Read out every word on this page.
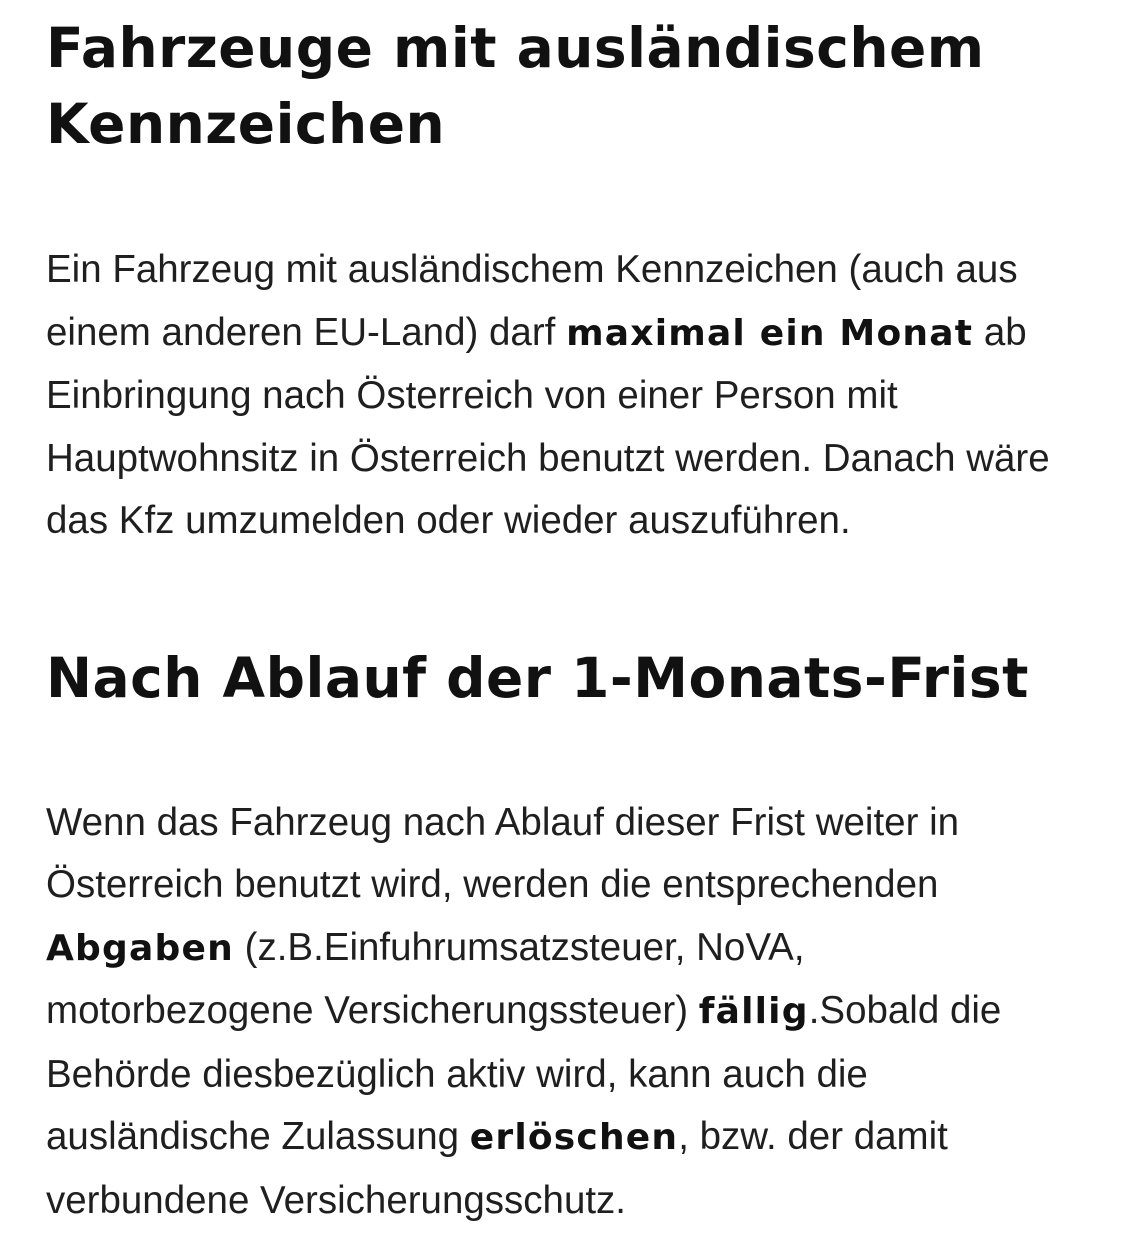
Fahrzeuge mit ausländischem Kennzeichen

Ein Fahrzeug mit ausländischem Kennzeichen (auch aus einem anderen EU-Land) darf maximal ein Monat ab Einbringung nach Österreich von einer Person mit Hauptwohnsitz in Österreich benutzt werden. Danach wäre das Kfz umzumelden oder wieder auszuführen.

Nach Ablauf der 1-Monats-Frist

Wenn das Fahrzeug nach Ablauf dieser Frist weiter in Österreich benutzt wird, werden die entsprechenden Abgaben (z.B.Einfuhrumsatzsteuer, NoVA, motorbezogene Versicherungssteuer) fällig.Sobald die Behörde diesbezüglich aktiv wird, kann auch die ausländische Zulassung erlöschen, bzw. der damit verbundene Versicherungsschutz.
